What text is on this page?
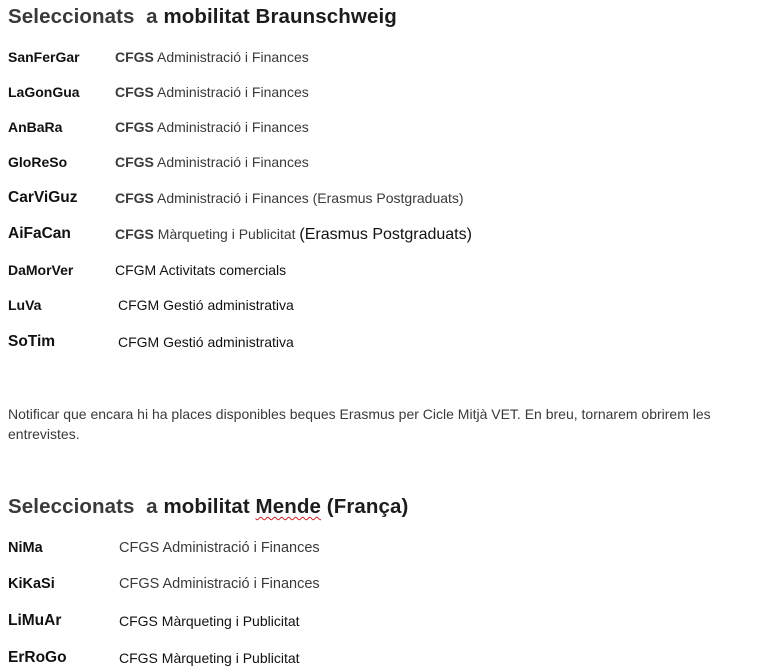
Seleccionats  a mobilitat Braunschweig
SanFerGar	CFGS Administració i Finances
LaGonGua	CFGS Administració i Finances
AnBaRa	CFGS Administració i Finances
GloReSo	CFGS Administració i Finances
CarViGuz	CFGS Administració i Finances (Erasmus Postgraduats)
AiFaCan	CFGS Màrqueting i Publicitat (Erasmus Postgraduats)
DaMorVer	CFGM Activitats comercials
LuVa	CFGM Gestió administrativa
SoTim	CFGM Gestió administrativa

Notificar que encara hi ha places disponibles beques Erasmus per Cicle Mitjà VET. En breu, tornarem obrirem les entrevistes.

Seleccionats  a mobilitat Mende (França)
NiMa	CFGS Administració i Finances
KiKaSi	CFGS Administració i Finances
LiMuAr	CFGS Màrqueting i Publicitat
ErRoGo	CFGS Màrqueting i Publicitat
